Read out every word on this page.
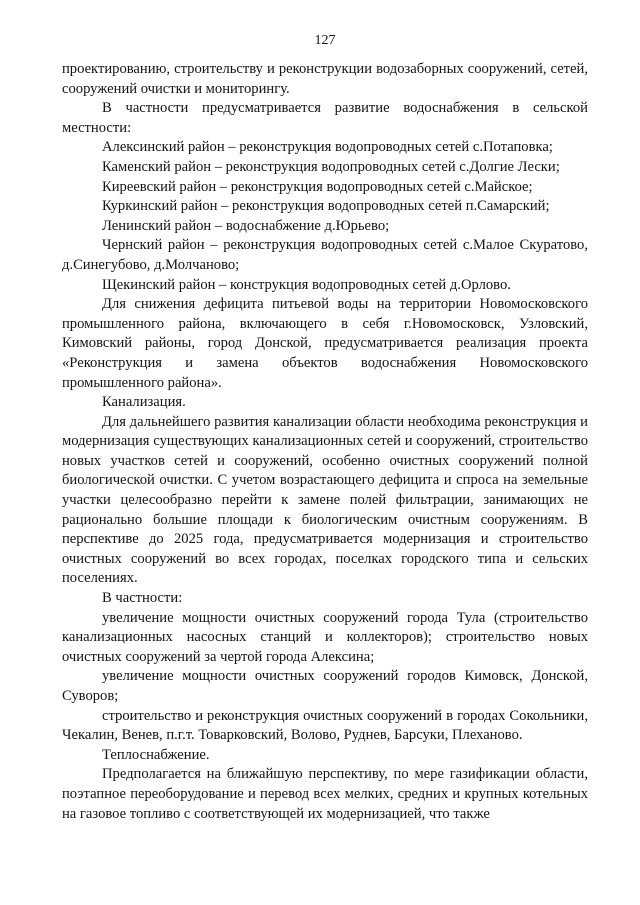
127

проектированию, строительству и реконструкции водозаборных сооружений, сетей, сооружений очистки и мониторингу.

В частности предусматривается развитие водоснабжения в сельской местности:

Алексинский район – реконструкция водопроводных сетей с.Потаповка;

Каменский район – реконструкция водопроводных сетей с.Долгие Лески;

Киреевский район – реконструкция водопроводных сетей с.Майское;

Куркинский район – реконструкция водопроводных сетей п.Самарский;

Ленинский район – водоснабжение д.Юрьево;

Чернский район – реконструкция водопроводных сетей с.Малое Скуратово, д.Синегубово, д.Молчаново;

Щекинский район – конструкция водопроводных сетей д.Орлово.

Для снижения дефицита питьевой воды на территории Новомосковского промышленного района, включающего в себя г.Новомосковск, Узловский, Кимовский районы, город Донской, предусматривается реализация проекта «Реконструкция и замена объектов водоснабжения Новомосковского промышленного района».

Канализация.

Для дальнейшего развития канализации области необходима реконструкция и модернизация существующих канализационных сетей и сооружений, строительство новых участков сетей и сооружений, особенно очистных сооружений полной биологической очистки. С учетом возрастающего дефицита и спроса на земельные участки целесообразно перейти к замене полей фильтрации, занимающих не рационально большие площади к биологическим очистным сооружениям. В перспективе до 2025 года, предусматривается модернизация и строительство очистных сооружений во всех городах, поселках городского типа и сельских поселениях.

В частности:

увеличение мощности очистных сооружений города Тула (строительство канализационных насосных станций и коллекторов); строительство новых очистных сооружений за чертой города Алексина;

увеличение мощности очистных сооружений городов Кимовск, Донской, Суворов;

строительство и реконструкция очистных сооружений в городах Сокольники, Чекалин, Венев, п.г.т. Товарковский, Волово, Руднев, Барсуки, Плеханово.

Теплоснабжение.

Предполагается на ближайшую перспективу, по мере газификации области, поэтапное переоборудование и перевод всех мелких, средних и крупных котельных на газовое топливо с соответствующей их модернизацией, что также
